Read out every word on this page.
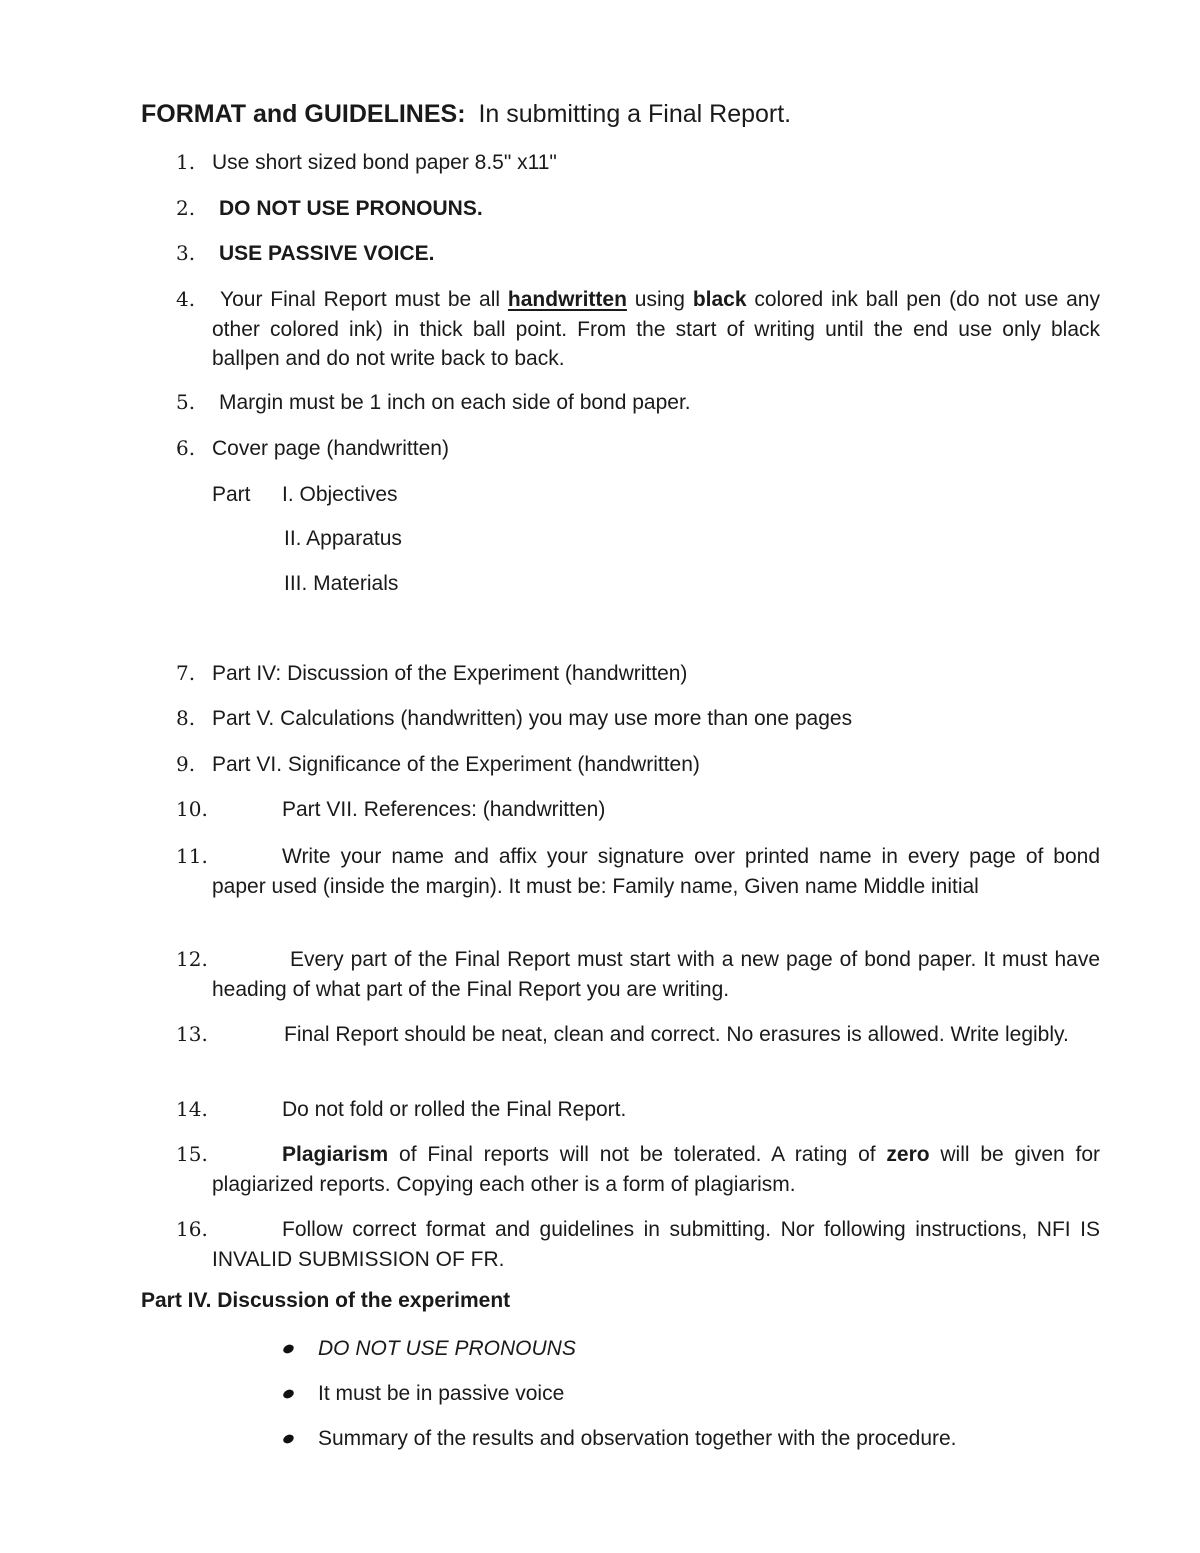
FORMAT and GUIDELINES: In submitting a Final Report.
1. Use short sized bond paper 8.5" x11"
2. DO NOT USE PRONOUNS.
3. USE PASSIVE VOICE.
4. Your Final Report must be all handwritten using black colored ink ball pen (do not use any other colored ink) in thick ball point. From the start of writing until the end use only black ballpen and do not write back to back.
5. Margin must be 1 inch on each side of bond paper.
6. Cover page (handwritten)
Part I. Objectives
II. Apparatus
III. Materials
7. Part IV: Discussion of the Experiment (handwritten)
8. Part V. Calculations (handwritten) you may use more than one pages
9. Part VI. Significance of the Experiment (handwritten)
10.	Part VII. References: (handwritten)
11.	Write your name and affix your signature over printed name in every page of bond paper used (inside the margin). It must be: Family name, Given name Middle initial
12.	Every part of the Final Report must start with a new page of bond paper. It must have heading of what part of the Final Report you are writing.
13.	Final Report should be neat, clean and correct. No erasures is allowed. Write legibly.
14.	Do not fold or rolled the Final Report.
15.	Plagiarism of Final reports will not be tolerated. A rating of zero will be given for plagiarized reports. Copying each other is a form of plagiarism.
16.	Follow correct format and guidelines in submitting. Nor following instructions, NFI IS INVALID SUBMISSION OF FR.
Part IV. Discussion of the experiment
DO NOT USE PRONOUNS
It must be in passive voice
Summary of the results and observation together with the procedure.
